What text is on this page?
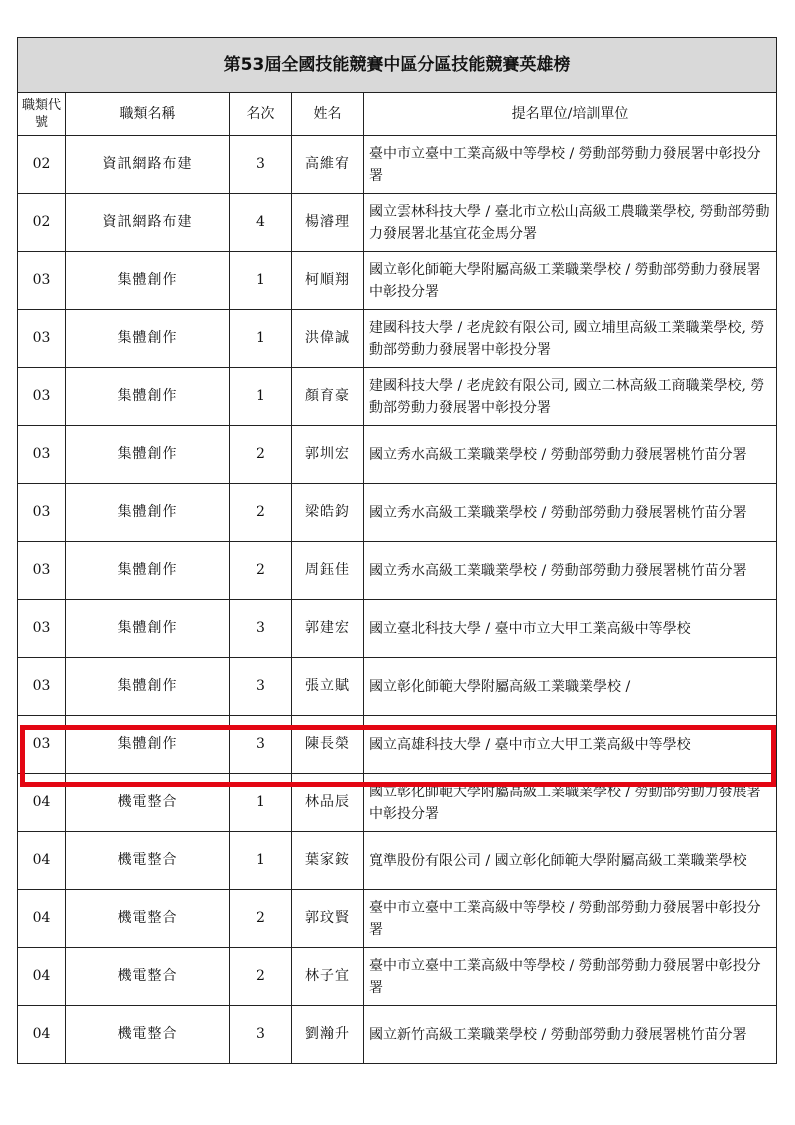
第53屆全國技能競賽中區分區技能競賽英雄榜				
職類代號	職類名稱	名次	姓名	提名單位/培訓單位
02	資訊網路布建	3	高維宥	臺中市立臺中工業高級中等學校 / 勞動部勞動力發展署中彰投分署
02	資訊網路布建	4	楊濬理	國立雲林科技大學 / 臺北市立松山高級工農職業學校, 勞動部勞動力發展署北基宜花金馬分署
03	集體創作	1	柯順翔	國立彰化師範大學附屬高級工業職業學校 / 勞動部勞動力發展署中彰投分署
03	集體創作	1	洪偉誠	建國科技大學 / 老虎鉸有限公司, 國立埔里高級工業職業學校, 勞動部勞動力發展署中彰投分署
03	集體創作	1	顏育豪	建國科技大學 / 老虎鉸有限公司, 國立二林高級工商職業學校, 勞動部勞動力發展署中彰投分署
03	集體創作	2	郭圳宏	國立秀水高級工業職業學校 / 勞動部勞動力發展署桃竹苗分署
03	集體創作	2	梁皓鈞	國立秀水高級工業職業學校 / 勞動部勞動力發展署桃竹苗分署
03	集體創作	2	周鈺佳	國立秀水高級工業職業學校 / 勞動部勞動力發展署桃竹苗分署
03	集體創作	3	郭建宏	國立臺北科技大學 / 臺中市立大甲工業高級中等學校
03	集體創作	3	張立賦	國立彰化師範大學附屬高級工業職業學校 /
03	集體創作	3	陳長榮	國立高雄科技大學 / 臺中市立大甲工業高級中等學校
04	機電整合	1	林品辰	國立彰化師範大學附屬高級工業職業學校 / 勞動部勞動力發展署中彰投分署
04	機電整合	1	葉家銨	寬準股份有限公司 / 國立彰化師範大學附屬高級工業職業學校
04	機電整合	2	郭玟賢	臺中市立臺中工業高級中等學校 / 勞動部勞動力發展署中彰投分署
04	機電整合	2	林子宜	臺中市立臺中工業高級中等學校 / 勞動部勞動力發展署中彰投分署
04	機電整合	3	劉瀚升	國立新竹高級工業職業學校 / 勞動部勞動力發展署桃竹苗分署
